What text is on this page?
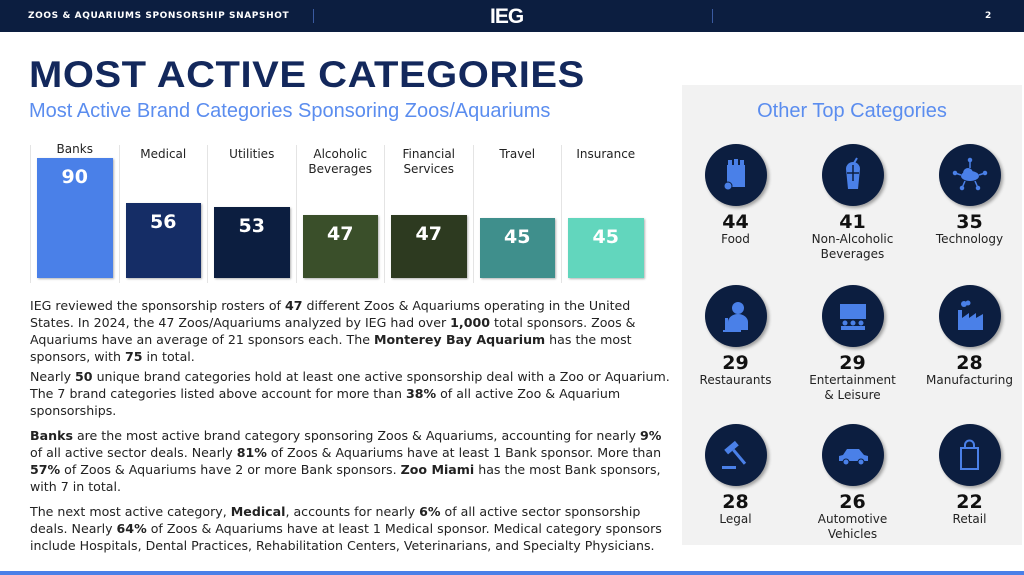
ZOOS & AQUARIUMS SPONSORSHIP SNAPSHOT	IEG	2
MOST ACTIVE CATEGORIES
Most Active Brand Categories Sponsoring Zoos/Aquariums
Banks
90
Medical
56
Utilities
53
Alcoholic Beverages
47
Financial Services
47
Travel
45
Insurance
45
IEG reviewed the sponsorship rosters of 47 different Zoos & Aquariums operating in the United States. In 2024, the 47 Zoos/Aquariums analyzed by IEG had over 1,000 total sponsors. Zoos & Aquariums have an average of 21 sponsors each. The Monterey Bay Aquarium has the most sponsors, with 75 in total.
Nearly 50 unique brand categories hold at least one active sponsorship deal with a Zoo or Aquarium. The 7 brand categories listed above account for more than 38% of all active Zoo & Aquarium sponsorships.
Banks are the most active brand category sponsoring Zoos & Aquariums, accounting for nearly 9% of all active sector deals. Nearly 81% of Zoos & Aquariums have at least 1 Bank sponsor. More than 57% of Zoos & Aquariums have 2 or more Bank sponsors. Zoo Miami has the most Bank sponsors, with 7 in total.
The next most active category, Medical, accounts for nearly 6% of all active sector sponsorship deals. Nearly 64% of Zoos & Aquariums have at least 1 Medical sponsor. Medical category sponsors include Hospitals, Dental Practices, Rehabilitation Centers, Veterinarians, and Specialty Physicians.
Other Top Categories
44
Food
41
Non-Alcoholic Beverages
35
Technology
29
Restaurants
29
Entertainment & Leisure
28
Manufacturing
28
Legal
26
Automotive Vehicles
22
Retail
